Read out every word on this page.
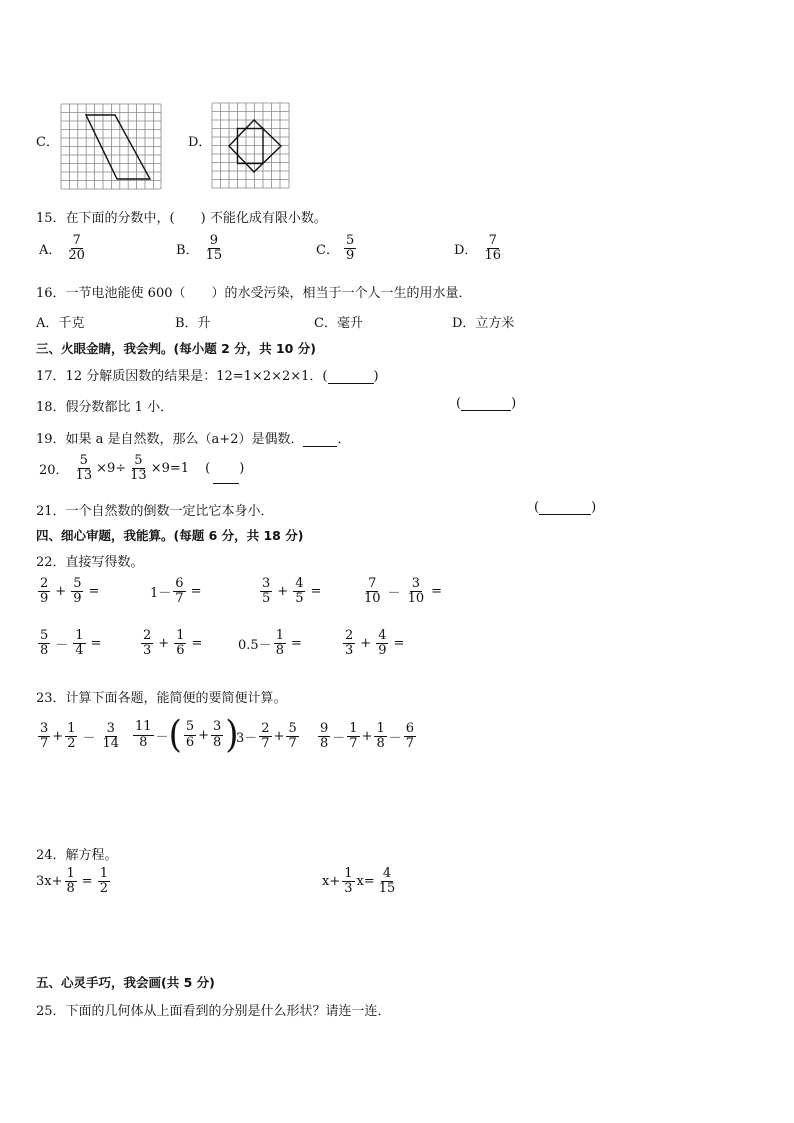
C．	D．
15．在下面的分数中，(　　) 不能化成有限小数。
A． $\frac{7}{20}$	B． $\frac{9}{15}$	C． $\frac{5}{9}$	D． $\frac{7}{16}$
16．一节电池能使 600（　　）的水受污染，相当于一个人一生的用水量．
A．千克	B．升	C．毫升	D．立方米
三、火眼金睛，我会判。(每小题 2 分，共 10 分)
17．12 分解质因数的结果是：12=1×2×2×1．(	)
18．假分数都比 1 小．	(	)
19．如果 a 是自然数，那么（a+2）是偶数．	．
20． $\frac{5}{13} \times 9\div \frac{5}{13} \times 9=1$ ( )
21．一个自然数的倒数一定比它本身小．	(	)
四、细心审题，我能算。(每题 6 分，共 18 分)
22．直接写得数。
$\frac{2}{9} + \frac{5}{9}$ =	$1- \frac{6}{7}$ =	$\frac{3}{5} + \frac{4}{5}$ =	$\frac{7}{10} - \frac{3}{10}$ =
$\frac{5}{8} - \frac{1}{4}$ =	$\frac{2}{3} + \frac{1}{6}$ =	$0.5- \frac{1}{8}$ =	$\frac{2}{3} + \frac{4}{9}$ =
23．计算下面各题，能简便的要简便计算。
$\frac{3}{7} + \frac{1}{2} - \frac{3}{14} \frac{11}{8}$ －( $\frac{5}{6} + \frac{3}{8}$ )
$3- \frac{2}{7} + \frac{5}{7} \frac{9}{8} - \frac{1}{7} + \frac{1}{8} - \frac{6}{7}$
24．解方程。
$3x+ \frac{1}{8} = \frac{1}{2}$	$x+ \frac{1}{3} x= \frac{4}{15}$
五、心灵手巧，我会画(共 5 分)
25．下面的几何体从上面看到的分别是什么形状？请连一连．
